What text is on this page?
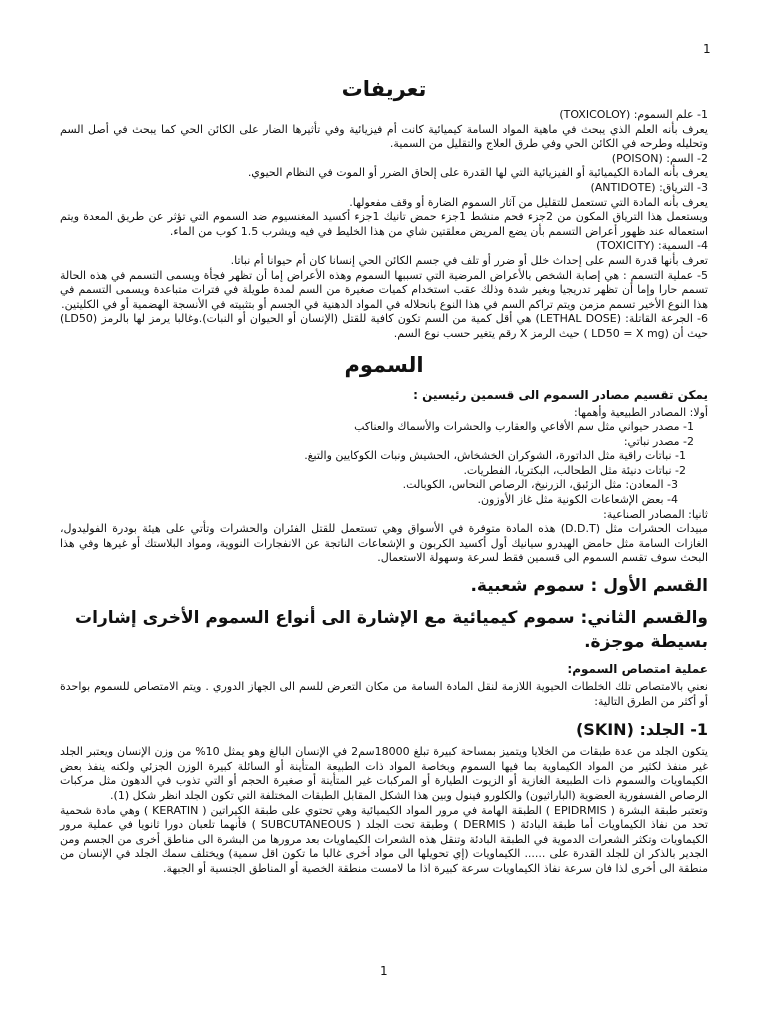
1
تعريفات

1- علم السموم: (TOXICOLOY)

يعرف بأنه العلم الذي يبحث في ماهية المواد السامة كيميائية كانت أم فيزيائية وفي تأثيرها الضار على الكائن الحي كما يبحث في أصل السم وتحليله وطرحه في الكائن الحي وفي طرق العلاج والتقليل من السمية.

2- السم: (POISON)

يعرف بأنه المادة الكيميائية أو الفيزيائية التي لها القدرة على إلحاق الضرر أو الموت في النظام الحيوي.

3- الترياق: (ANTIDOTE)

يعرف بأنه المادة التي تستعمل للتقليل من آثار السموم الضارة أو وقف مفعولها.

ويستعمل هذا الترياق المكون من 2جزء فحم منشط 1جزء حمض تانيك 1جزء أكسيد المغنسيوم ضد السموم التي تؤثر عن طريق المعدة ويتم استعماله عند ظهور أعراض التسمم بأن يضع المريض معلقتين شاي من هذا الخليط في فيه ويشرب 1.5 كوب من الماء.

4- السمية: (TOXICITY)

تعرف بأنها قدرة السم على إحداث خلل أو ضرر أو تلف في جسم الكائن الحي إنسانا كان أم حيوانا أم نباتا.

5- عملية التسمم : هي إصابة الشخص بالأعراض المرضية التي تسببها السموم وهذه الأعراض إما أن تظهر فجأة ويسمى التسمم في هذه الحالة تسمم حارا وإما أن تظهر تدريجيا وبغير شدة وذلك عقب استخدام كميات صغيرة من السم لمدة طويلة في فترات متباعدة ويسمى التسمم في هذا النوع الأخير تسمم مزمن ويتم تراكم السم في هذا النوع بانحلاله في المواد الدهنية في الجسم أو بتثبيته في الأنسجة الهضمية أو في الكليتين.

6- الجرعة القاتلة: (LETHAL DOSE) هي أقل كمية من السم تكون كافية للقتل (الإنسان أو الحيوان أو النبات).وغالبا يرمز لها بالرمز (LD50) حيث أن (LD50 = X mg ) حيث الرمز X رقم يتغير حسب نوع السم.

السموم
يمكن تقسيم مصادر السموم الى قسمين رئيسين :

أولا: المصادر الطبيعية وأهمها:

1- مصدر حيواني مثل سم الأفاعي والعقارب والحشرات والأسماك والعناكب

2- مصدر نباتي:

1- نباتات راقية مثل الداتورة، الشوكران الخشخاش، الحشيش ونبات الكوكايين والتبغ.

2- نباتات دنيئة مثل الطحالب، البكتريا، الفطريات.

3- المعادن: مثل الزئبق، الزرنيخ، الرصاص النحاس، الكوبالت.

4- بعض الإشعاعات الكونية مثل غاز الأوزون.

ثانيا: المصادر الصناعية:

مبيدات الحشرات مثل (D.D.T) هذه المادة متوفرة في الأسواق وهي تستعمل للقتل الفئران والحشرات وتأتي على هيئة بودرة الفوليدول، الغازات السامة مثل حامض الهيدرو سيانيك أول أكسيد الكربون و الإشعاعات الناتجة عن الانفجارات النووية، ومواد البلاستك أو غيرها وفي هذا البحث سوف تقسم السموم الى قسمين فقط لسرعة وسهولة الاستعمال.

القسم الأول : سموم شعبية.
والقسم الثاني: سموم كيميائية مع الإشارة الى أنواع السموم الأخرى إشارات بسيطة موجزة.
عملية امتصاص السموم:

نعني بالامتصاص تلك الخلطات الحيوية اللازمة لنقل المادة السامة من مكان التعرض للسم الى الجهاز الدوري . ويتم الامتصاص للسموم بواحدة أو أكثر من الطرق التالية:

1- الجلد: (SKIN)

يتكون الجلد من عدة طبقات من الخلايا ويتميز بمساحة كبيرة تبلغ 18000سم2 في الإنسان البالغ وهو يمثل 10% من وزن الإنسان ويعتبر الجلد غير منفذ لكثير من المواد الكيماوية بما فيها السموم وبخاصة المواد ذات الطبيعة المتأينة أو السائلة كبيرة الوزن الجزئي ولكنه ينفذ بعض الكيماويات والسموم ذات الطبيعة الغازية أو الزيوت الطيارة أو المركبات غير المتأينة أو صغيرة الحجم أو التي تذوب في الدهون مثل مركبات الرصاص الفسفورية العضوية (الباراثيون) والكلورو فينول وبين هذا الشكل المقابل الطبقات المختلفة التي تكون الجلد انظر شكل (1).

وتعتبر طبقة البشرة ( EPIDRMIS ) الطبقة الهامة في مرور المواد الكيميائية وهي تحتوي على طبقة الكيراتين ( KERATIN ) وهي مادة شحمية تحد من نفاذ الكيماويات أما طبقة البادئة ( DERMIS ) وطبقة تحت الجلد ( SUBCUTANEOUS ) فأنهما تلعبان دورا ثانويا في عملية مرور الكيماويات وتكثر الشعرات الدموية في الطبقة البادئة وتنقل هذه الشعرات الكيماويات بعد مرورها من البشرة الى مناطق أخرى من الجسم ومن الجدير بالذكر ان للجلد القدرة على ...... الكيماويات (إي تحويلها الى مواد أخرى غالبا ما تكون اقل سمية) ويختلف سمك الجلد في الإنسان من منطقة الى أخرى لذا فان سرعة نفاذ الكيماويات سرعة كبيرة اذا ما لامست منطقة الخصية أو المناطق الجنسية أو الجبهة.

1
